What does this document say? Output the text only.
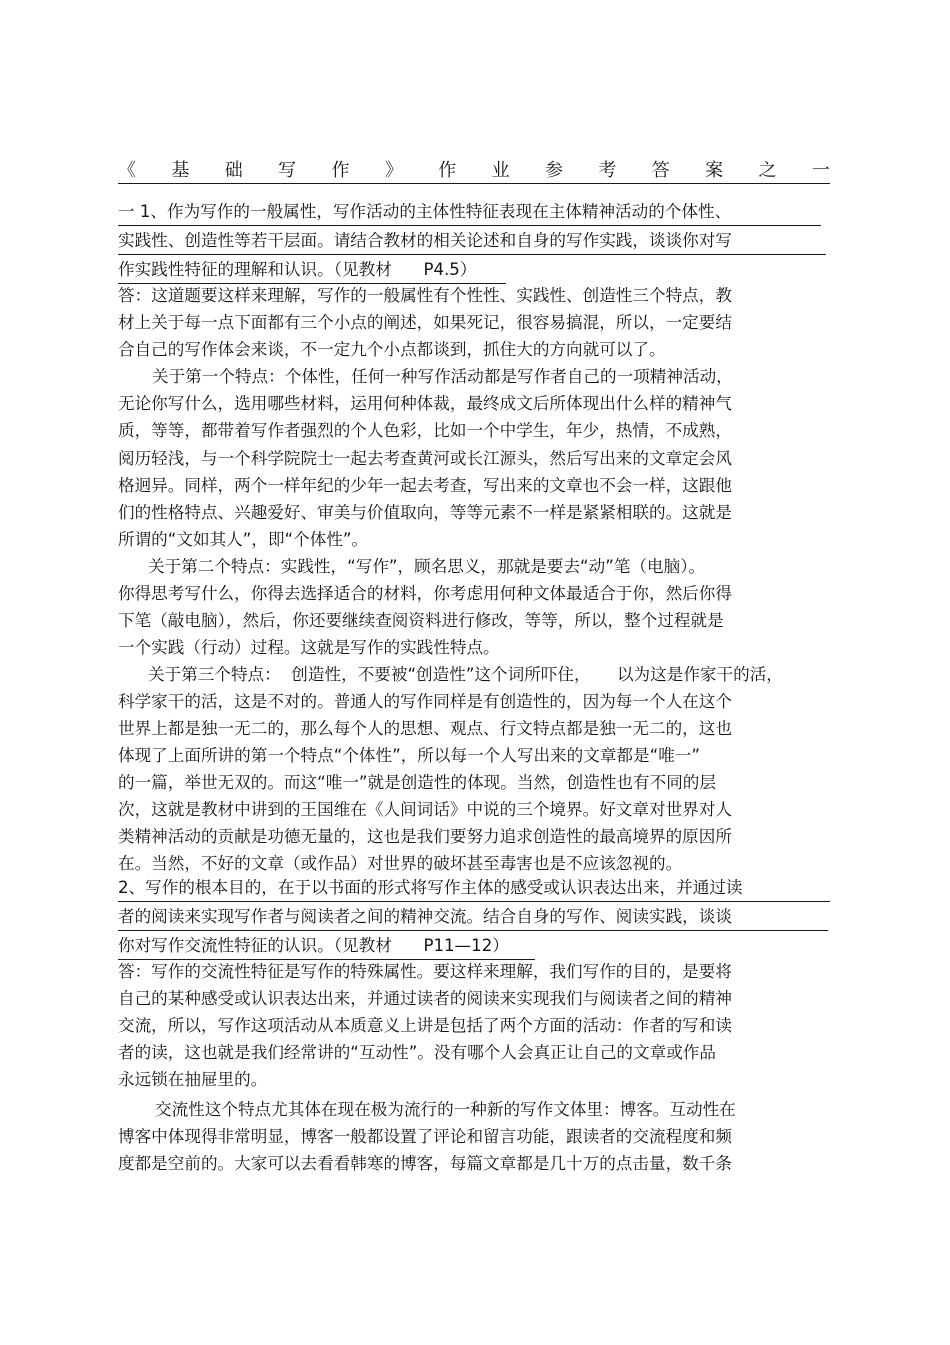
《 基 础 写 作 》 作 业 参 考 答 案 之 一
一 1、作为写作的一般属性，写作活动的主体性特征表现在主体精神活动的个体性、
实践性、创造性等若干层面。请结合教材的相关论述和自身的写作实践，谈谈你对写
作实践性特征的理解和认识。（见教材      P4.5）
答：这道题要这样来理解，写作的一般属性有个性性、实践性、创造性三个特点，教
材上关于每一点下面都有三个小点的阐述，如果死记，很容易搞混，所以，一定要结
合自己的写作体会来谈，不一定九个小点都谈到，抓住大的方向就可以了。
关于第一个特点：个体性，任何一种写作活动都是写作者自己的一项精神活动，
无论你写什么，选用哪些材料，运用何种体裁，最终成文后所体现出什么样的精神气
质，等等，都带着写作者强烈的个人色彩，比如一个中学生，年少，热情，不成熟，
阅历轻浅，与一个科学院院士一起去考查黄河或长江源头，然后写出来的文章定会风
格迥异。同样，两个一样年纪的少年一起去考查，写出来的文章也不会一样，这跟他
们的性格特点、兴趣爱好、审美与价值取向，等等元素不一样是紧紧相联的。这就是
所谓的“文如其人”，即“个体性”。
关于第二个特点：实践性，“写作”，顾名思义，那就是要去“动”笔（电脑）。
你得思考写什么，你得去选择适合的材料，你考虑用何种文体最适合于你，然后你得
下笔（敲电脑），然后，你还要继续查阅资料进行修改，等等，所以，整个过程就是
一个实践（行动）过程。这就是写作的实践性特点。
关于第三个特点：  创造性，不要被“创造性”这个词所吓住，     以为这是作家干的活，
科学家干的活，这是不对的。普通人的写作同样是有创造性的，因为每一个人在这个
世界上都是独一无二的，那么每个人的思想、观点、行文特点都是独一无二的，这也
体现了上面所讲的第一个特点“个体性”，所以每一个人写出来的文章都是“唯一”
的一篇，举世无双的。而这“唯一”就是创造性的体现。当然，创造性也有不同的层
次，这就是教材中讲到的王国维在《人间词话》中说的三个境界。好文章对世界对人
类精神活动的贡献是功德无量的，这也是我们要努力追求创造性的最高境界的原因所
在。当然，不好的文章（或作品）对世界的破坏甚至毒害也是不应该忽视的。
2、写作的根本目的，在于以书面的形式将写作主体的感受或认识表达出来，并通过读
者的阅读来实现写作者与阅读者之间的精神交流。结合自身的写作、阅读实践，谈谈
你对写作交流性特征的认识。（见教材      P11—12）
答：写作的交流性特征是写作的特殊属性。要这样来理解，我们写作的目的，是要将
自己的某种感受或认识表达出来，并通过读者的阅读来实现我们与阅读者之间的精神
交流，所以，写作这项活动从本质意义上讲是包括了两个方面的活动：作者的写和读
者的读，这也就是我们经常讲的“互动性”。没有哪个人会真正让自己的文章或作品
永远锁在抽屉里的。
交流性这个特点尤其体在现在极为流行的一种新的写作文体里：博客。互动性在
博客中体现得非常明显，博客一般都设置了评论和留言功能，跟读者的交流程度和频
度都是空前的。大家可以去看看韩寒的博客，每篇文章都是几十万的点击量，数千条
